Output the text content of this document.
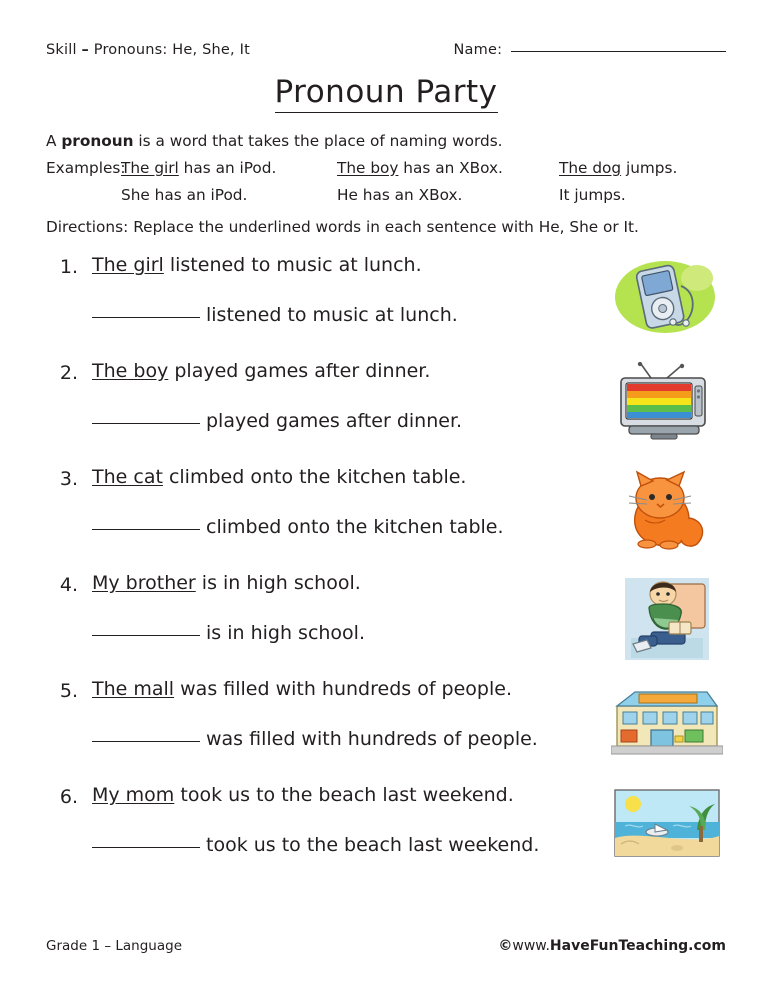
Skill – Pronouns: He, She, It	Name:
Pronoun Party
A pronoun is a word that takes the place of naming words.
Examples:
The girl has an iPod.	The boy has an XBox.	The dog jumps.
She has an iPod.	He has an XBox.	It jumps.
Directions: Replace the underlined words in each sentence with He, She or It.
1. The girl listened to music at lunch.
listened to music at lunch.
2. The boy played games after dinner.
played games after dinner.
3. The cat climbed onto the kitchen table.
climbed onto the kitchen table.
4. My brother is in high school.
is in high school.
5. The mall was filled with hundreds of people.
was filled with hundreds of people.
6. My mom took us to the beach last weekend.
took us to the beach last weekend.
Grade 1 – Language	©www.HaveFunTeaching.com
